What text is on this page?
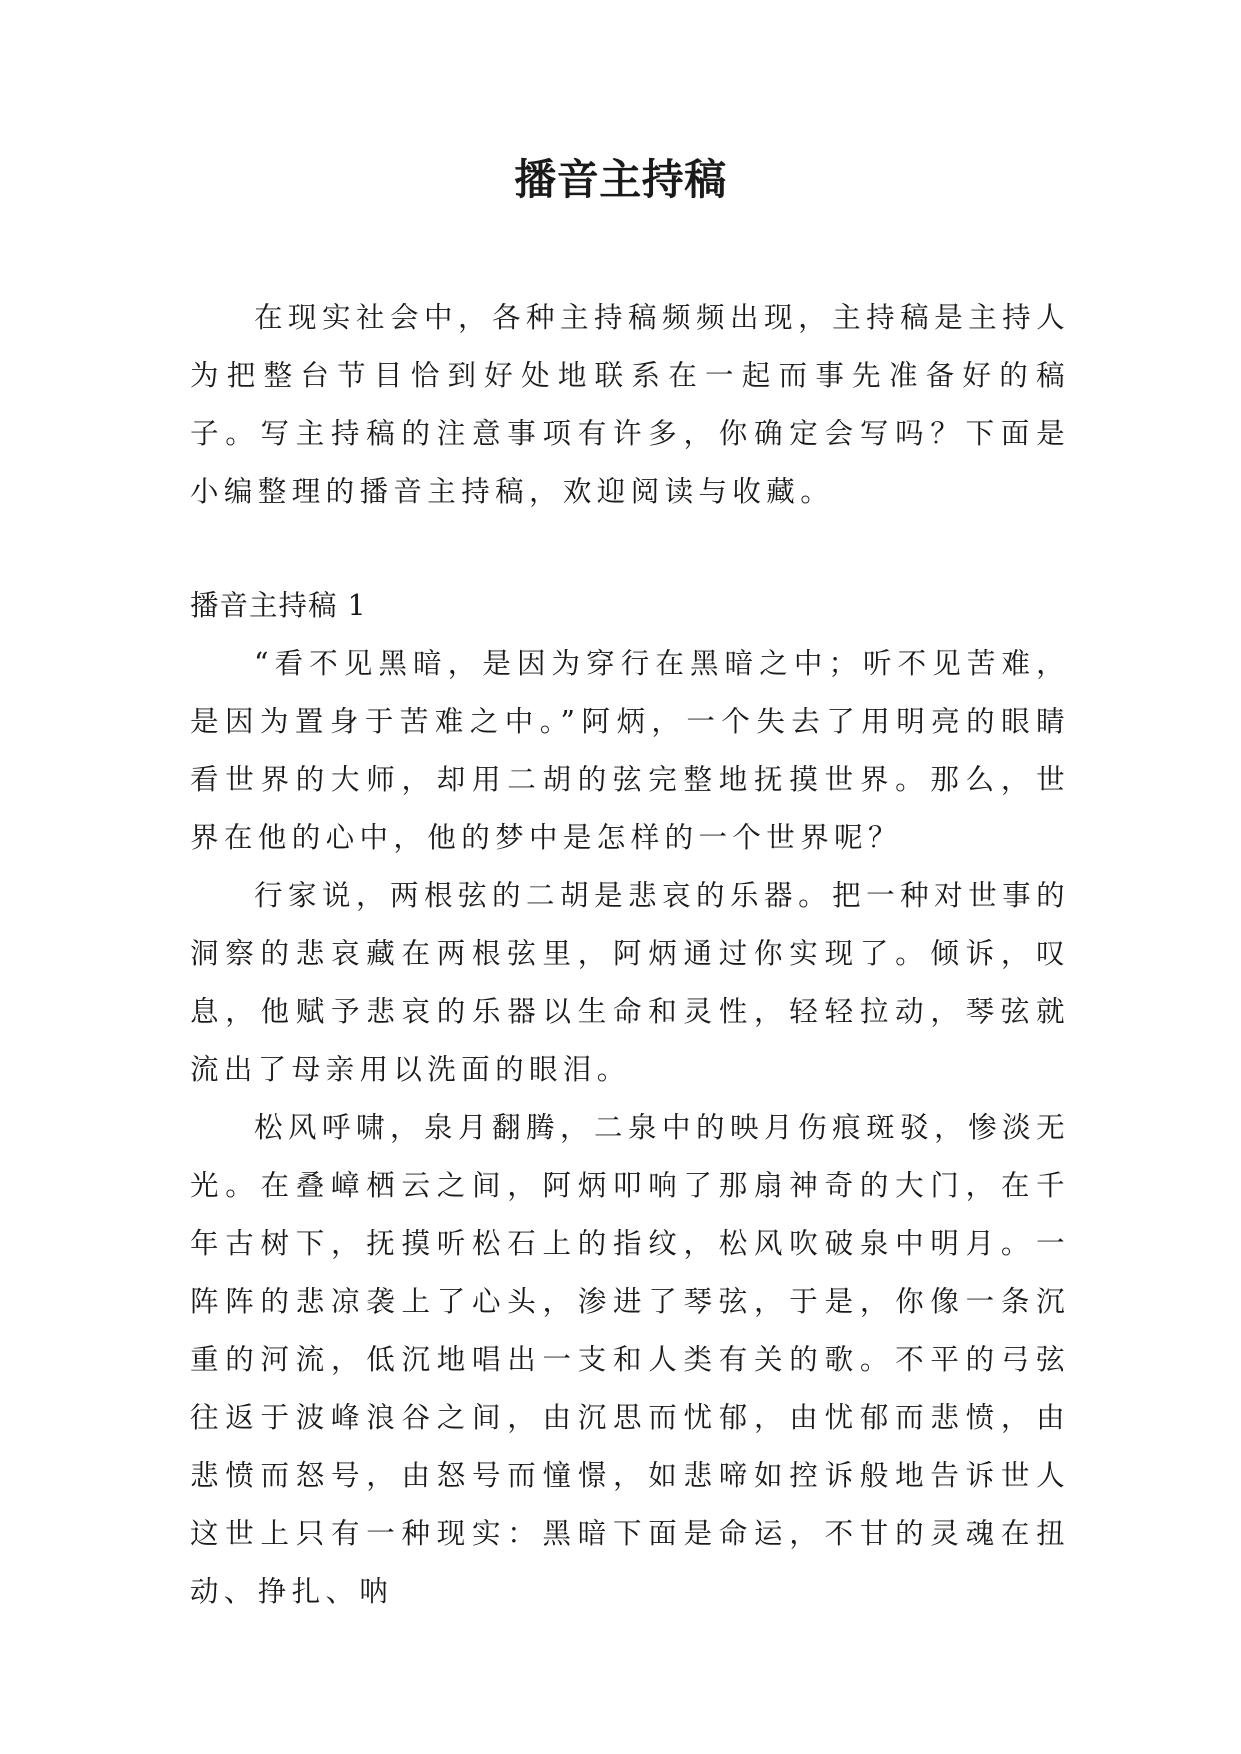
播音主持稿

在现实社会中，各种主持稿频频出现，主持稿是主持人为把整台节目恰到好处地联系在一起而事先准备好的稿子。写主持稿的注意事项有许多，你确定会写吗？下面是小编整理的播音主持稿，欢迎阅读与收藏。

播音主持稿 1

“看不见黑暗，是因为穿行在黑暗之中；听不见苦难，是因为置身于苦难之中。”阿炳，一个失去了用明亮的眼睛看世界的大师，却用二胡的弦完整地抚摸世界。那么，世界在他的心中，他的梦中是怎样的一个世界呢？

行家说，两根弦的二胡是悲哀的乐器。把一种对世事的洞察的悲哀藏在两根弦里，阿炳通过你实现了。倾诉，叹息，他赋予悲哀的乐器以生命和灵性，轻轻拉动，琴弦就流出了母亲用以洗面的眼泪。

松风呼啸，泉月翻腾，二泉中的映月伤痕斑驳，惨淡无光。在叠嶂栖云之间，阿炳叩响了那扇神奇的大门，在千年古树下，抚摸听松石上的指纹，松风吹破泉中明月。一阵阵的悲凉袭上了心头，渗进了琴弦，于是，你像一条沉重的河流，低沉地唱出一支和人类有关的歌。不平的弓弦往返于波峰浪谷之间，由沉思而忧郁，由忧郁而悲愤，由悲愤而怒号，由怒号而憧憬，如悲啼如控诉般地告诉世人这世上只有一种现实：黑暗下面是命运，不甘的灵魂在扭动、挣扎、呐
